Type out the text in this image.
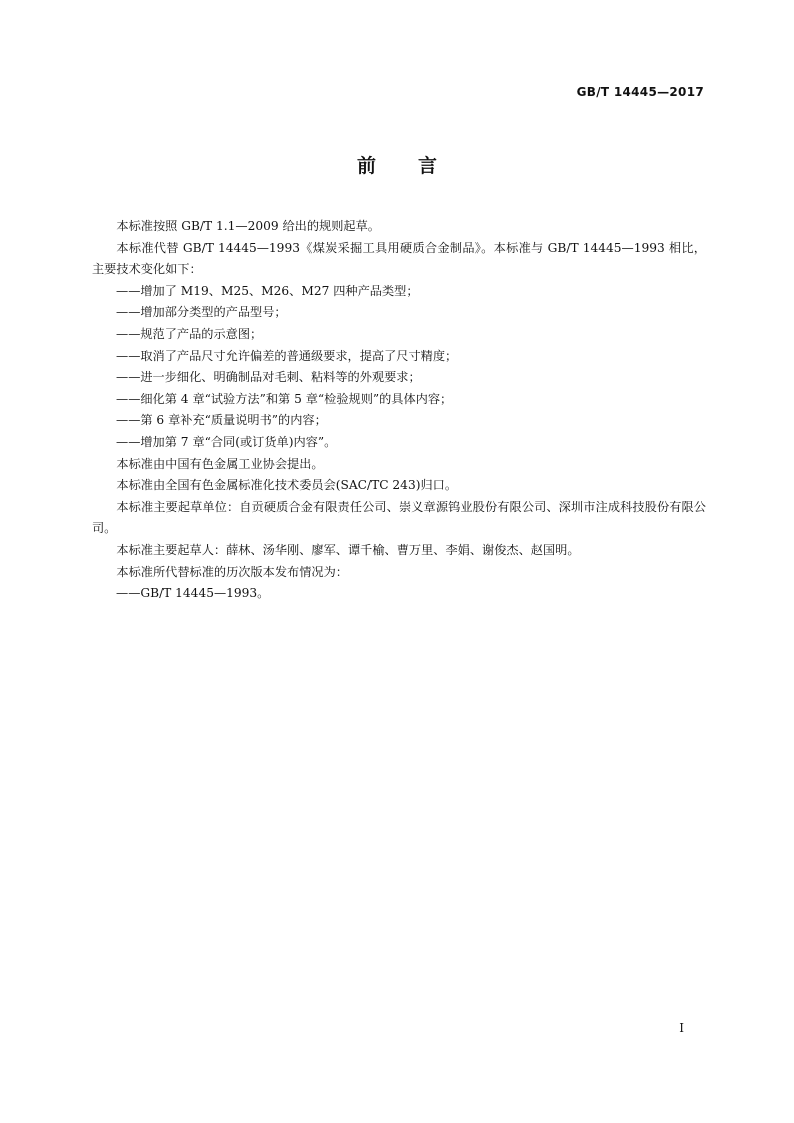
GB/T 14445—2017
前言

本标准按照 GB/T 1.1—2009 给出的规则起草。

本标准代替 GB/T 14445—1993《煤炭采掘工具用硬质合金制品》。本标准与 GB/T 14445—1993 相比，主要技术变化如下：

——增加了 M19、M25、M26、M27 四种产品类型；

——增加部分类型的产品型号；

——规范了产品的示意图；

——取消了产品尺寸允许偏差的普通级要求，提高了尺寸精度；

——进一步细化、明确制品对毛刺、粘料等的外观要求；

——细化第 4 章“试验方法”和第 5 章“检验规则”的具体内容；

——第 6 章补充“质量说明书”的内容；

——增加第 7 章“合同(或订货单)内容”。

本标准由中国有色金属工业协会提出。

本标准由全国有色金属标准化技术委员会(SAC/TC 243)归口。

本标准主要起草单位：自贡硬质合金有限责任公司、崇义章源钨业股份有限公司、深圳市注成科技股份有限公司。

本标准主要起草人：薛林、汤华刚、廖军、谭千榆、曹万里、李娟、谢俊杰、赵国明。

本标准所代替标准的历次版本发布情况为：

——GB/T 14445—1993。

I
